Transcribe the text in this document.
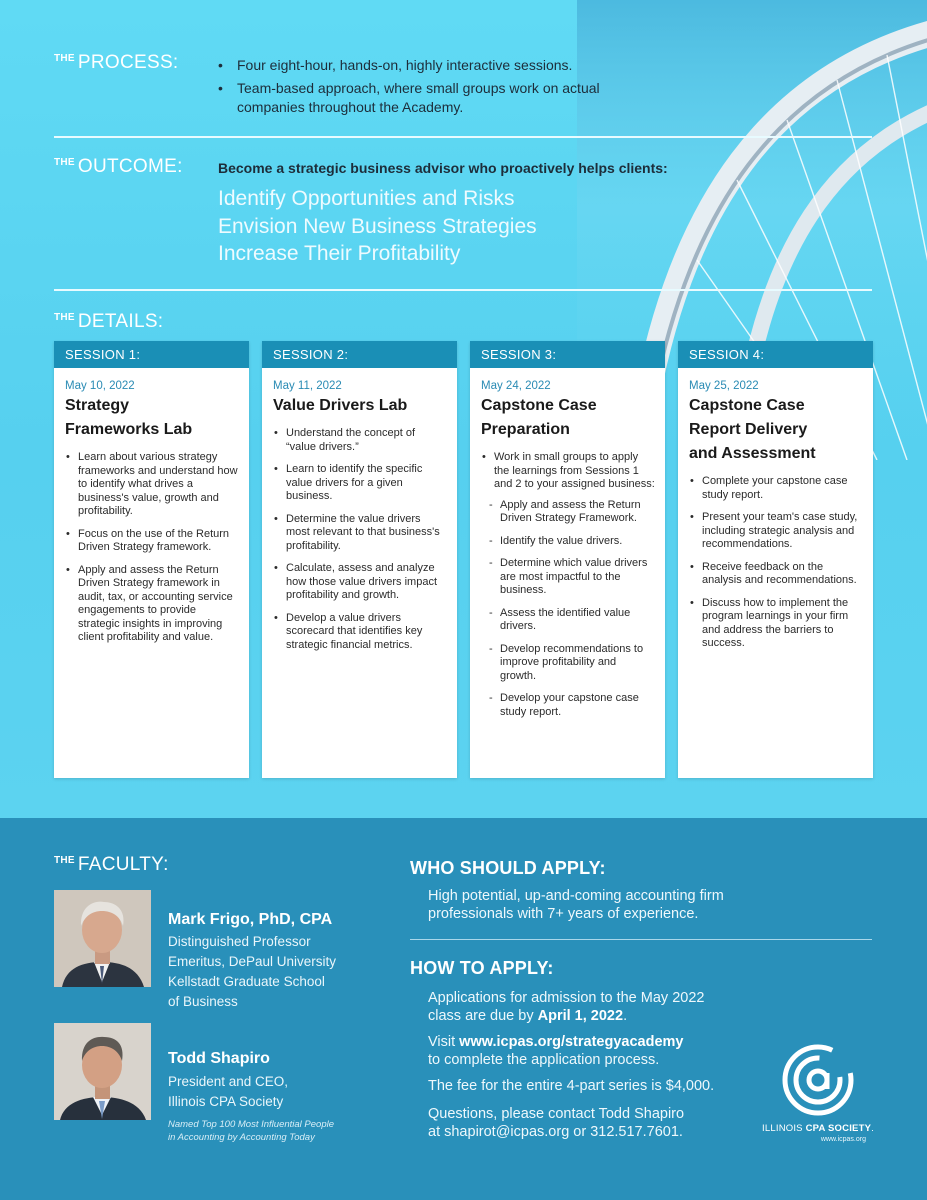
$^{THE}$ PROCESS:
•	Four eight-hour, hands-on, highly interactive sessions.
• Team-based approach, where small groups work on actual companies throughout the Academy.
$^{THE}$ OUTCOME:	Become a strategic business advisor who proactively helps clients:
Identify Opportunities and Risks
Envision New Business Strategies
Increase Their Profitability
$^{THE}$ DETAILS:
SESSION 1:
May 10, 2022
Strategy
Frameworks Lab
• Learn about various strategy frameworks and understand how to identify what drives a business's value, growth and profitability.
• Focus on the use of the Return Driven Strategy framework.
• Apply and assess the Return Driven Strategy framework in audit, tax, or accounting service engagements to provide strategic insights in improving client profitability and value.
SESSION 2:
May 11, 2022
Value Drivers Lab
• Understand the concept of “value drivers.”
• Learn to identify the specific value drivers for a given business.
• Determine the value drivers most relevant to that business's profitability.
• Calculate, assess and analyze how those value drivers impact profitability and growth.
• Develop a value drivers scorecard that identifies key strategic financial metrics.
SESSION 3:
May 24, 2022
Capstone Case
Preparation
• Work in small groups to apply the learnings from Sessions 1 and 2 to your assigned business:
- Apply and assess the Return Driven Strategy Framework.
- Identify the value drivers.
- Determine which value drivers are most impactful to the business.
- Assess the identified value drivers.
- Develop recommendations to improve profitability and growth.
- Develop your capstone case study report.
SESSION 4:
May 25, 2022
Capstone Case
Report Delivery
and Assessment
• Complete your capstone case study report.
• Present your team's case study, including strategic analysis and recommendations.
• Receive feedback on the analysis and recommendations.
• Discuss how to implement the program learnings in your firm and address the barriers to success.
$^{THE}$ FACULTY:
Mark Frigo, PhD, CPA
Distinguished Professor
Emeritus, DePaul University
Kellstadt Graduate School
of Business
Todd Shapiro
President and CEO,
Illinois CPA Society
Named Top 100 Most Influential People
in Accounting by Accounting Today
WHO SHOULD APPLY:
High potential, up-and-coming accounting firm
professionals with 7+ years of experience.
HOW TO APPLY:
Applications for admission to the May 2022
class are due by April 1, 2022.
Visit www.icpas.org/strategyacademy
to complete the application process.
The fee for the entire 4-part series is $4,000.
Questions, please contact Todd Shapiro
at shapirot@icpas.org or 312.517.7601.	ILLINOIS CPA SOCIETY.
www.icpas.org
